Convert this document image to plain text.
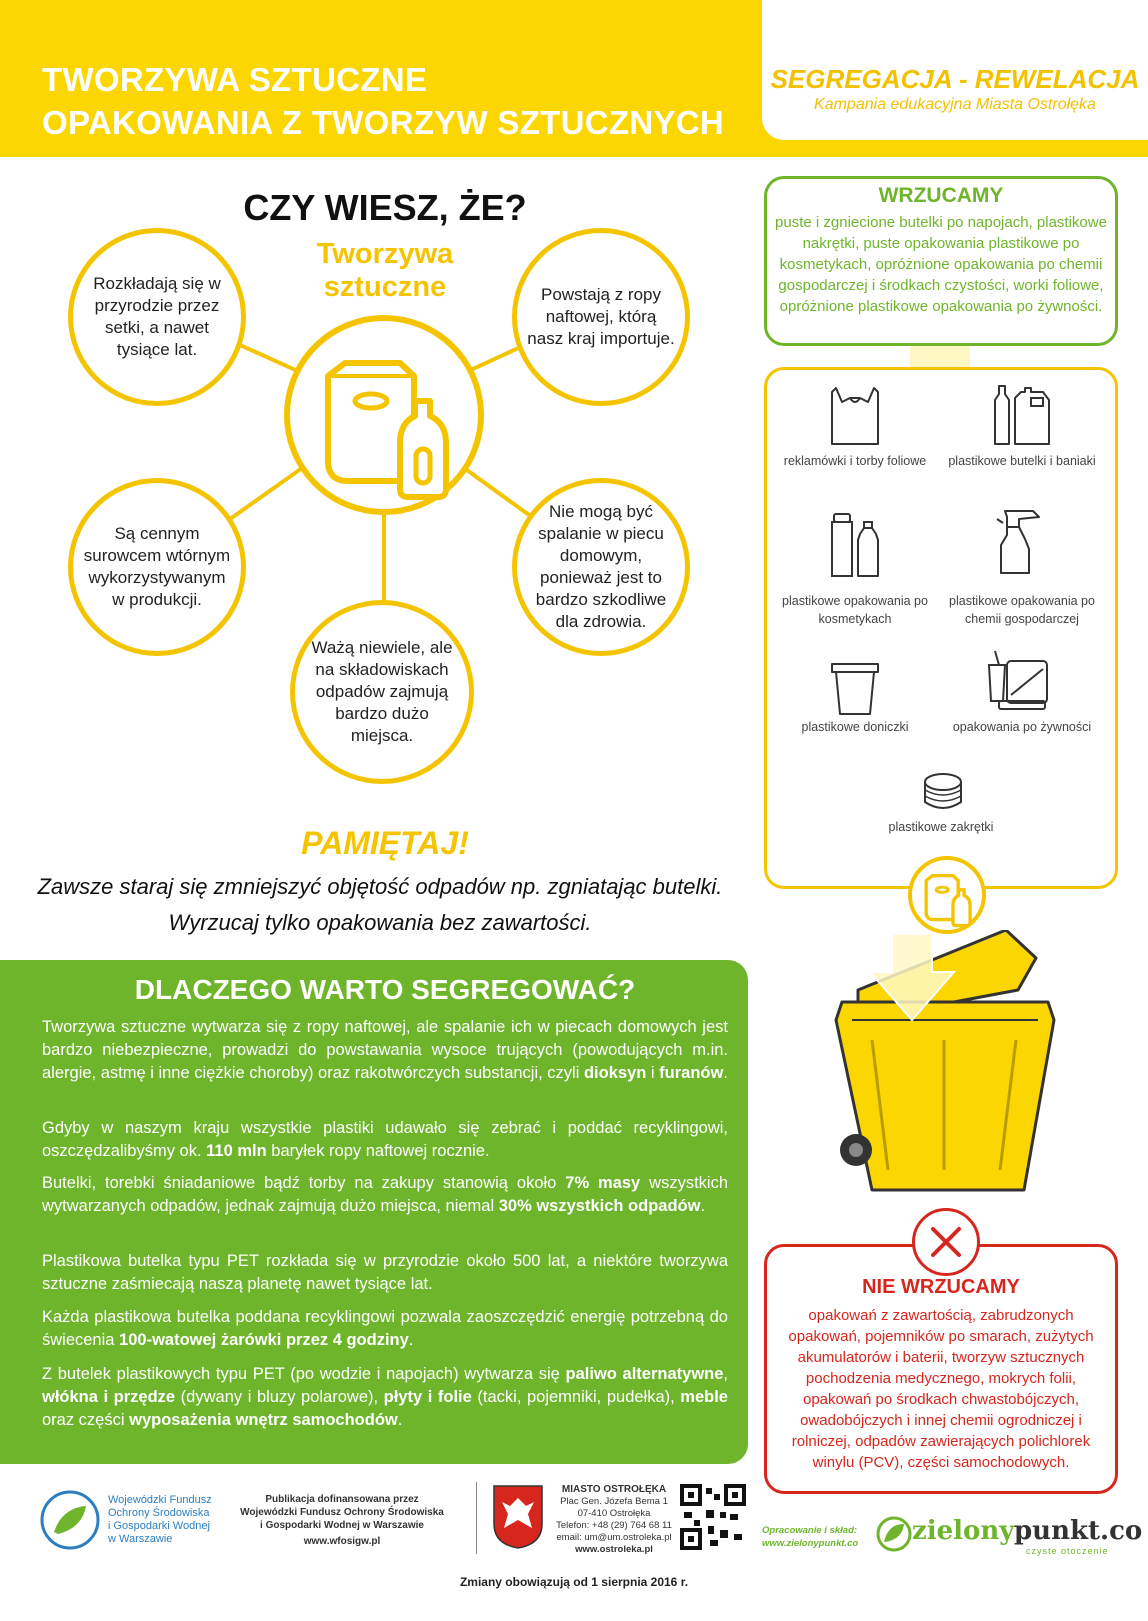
TWORZYWA SZTUCZNE
OPAKOWANIA Z TWORZYW SZTUCZNYCH
SEGREGACJA - REWELACJA
Kampania edukacyjna Miasta Ostrołęka
CZY WIESZ, ŻE?
Tworzywa
sztuczne
Rozkładają się w przyrodzie przez setki, a nawet tysiące lat.
Powstają z ropy naftowej, którą nasz kraj importuje.
Są cennym surowcem wtórnym wykorzystywanym w produkcji.
Nie mogą być spalanie w piecu domowym, ponieważ jest to bardzo szkodliwe dla zdrowia.
Ważą niewiele, ale na składowiskach odpadów zajmują bardzo dużo miejsca.
PAMIĘTAJ!
Zawsze staraj się zmniejszyć objętość odpadów np. zgniatając butelki.
Wyrzucaj tylko opakowania bez zawartości.
DLACZEGO WARTO SEGREGOWAĆ?
Tworzywa sztuczne wytwarza się z ropy naftowej, ale spalanie ich w piecach domowych jest bardzo niebezpieczne, prowadzi do powstawania wysoce trujących (powodujących m.in. alergie, astmę i inne ciężkie choroby) oraz rakotwórczych substancji, czyli dioksyn i furanów.
Gdyby w naszym kraju wszystkie plastiki udawało się zebrać i poddać recyklingowi, oszczędzalibyśmy ok. 110 mln baryłek ropy naftowej rocznie.
Butelki, torebki śniadaniowe bądź torby na zakupy stanowią około 7% masy wszystkich wytwarzanych odpadów, jednak zajmują dużo miejsca, niemal 30% wszystkich odpadów.
Plastikowa butelka typu PET rozkłada się w przyrodzie około 500 lat, a niektóre tworzywa sztuczne zaśmiecają naszą planetę nawet tysiące lat.
Każda plastikowa butelka poddana recyklingowi pozwala zaoszczędzić energię potrzebną do świecenia 100-watowej żarówki przez 4 godziny.
Z butelek plastikowych typu PET (po wodzie i napojach) wytwarza się paliwo alternatywne, włókna i przędze (dywany i bluzy polarowe), płyty i folie (tacki, pojemniki, pudełka), meble oraz części wyposażenia wnętrz samochodów.
WRZUCAMY
puste i zgniecione butelki po napojach, plastikowe nakrętki, puste opakowania plastikowe po kosmetykach, opróżnione opakowania po chemii gospodarczej i środkach czystości, worki foliowe, opróżnione plastikowe opakowania po żywności.
reklamówki i torby foliowe	plastikowe butelki i baniaki
plastikowe opakowania po kosmetykach
plastikowe opakowania po chemii gospodarczej
plastikowe doniczki	opakowania po żywności
plastikowe zakrętki
NIE WRZUCAMY
opakowań z zawartością, zabrudzonych opakowań, pojemników po smarach, zużytych akumulatorów i baterii, tworzyw sztucznych pochodzenia medycznego, mokrych folii, opakowań po środkach chwastobójczych, owadobójczych i innej chemii ogrodniczej i rolniczej, odpadów zawierających polichlorek winylu (PCV), części samochodowych.
Wojewódzki Fundusz
Ochrony Środowiska
i Gospodarki Wodnej
w Warszawie
Publikacja dofinansowana przez
Wojewódzki Fundusz Ochrony Środowiska
i Gospodarki Wodnej w Warszawie
www.wfosigw.pl
MIASTO OSTROŁĘKA
Plac Gen. Józefa Bema 1
07-410 Ostrołęka
Telefon: +48 (29) 764 68 11
email: um@um.ostroleka.pl
www.ostroleka.pl
Opracowanie i skład:
www.zielonypunkt.co zielony punkt.co
czyste otoczenie
Zmiany obowiązują od 1 sierpnia 2016 r.
